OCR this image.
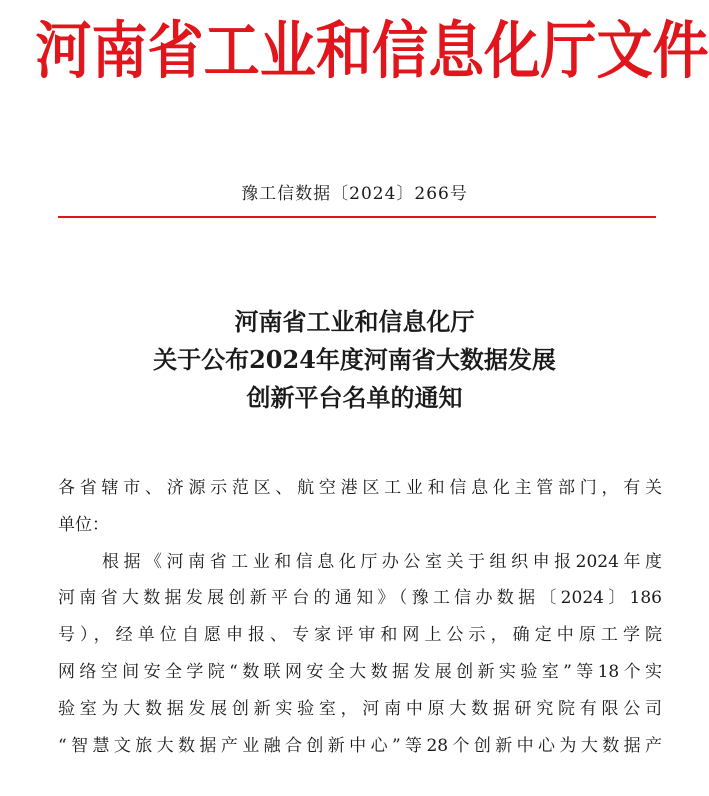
河南省工业和信息化厅文件
豫工信数据〔2024〕266号
河南省工业和信息化厅
关于公布2024年度河南省大数据发展
创新平台名单的通知
各省辖市、济源示范区、航空港区工业和信息化主管部门，有关
单位：
根据《河南省工业和信息化厅办公室关于组织申报2024年度
河南省大数据发展创新平台的通知》（豫工信办数据〔2024〕186
号），经单位自愿申报、专家评审和网上公示，确定中原工学院
网络空间安全学院“数联网安全大数据发展创新实验室”等18个实
验室为大数据发展创新实验室，河南中原大数据研究院有限公司
“智慧文旅大数据产业融合创新中心”等28个创新中心为大数据产
